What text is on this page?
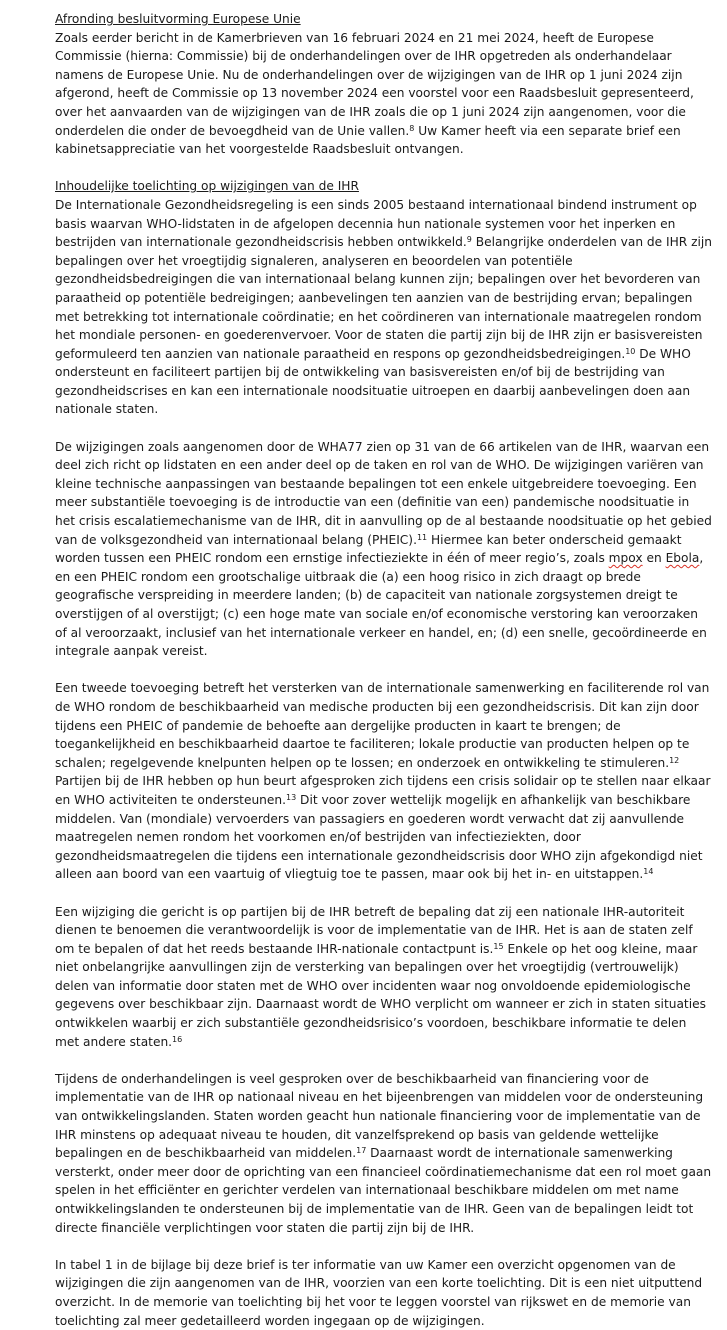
Afronding besluitvorming Europese Unie

Zoals eerder bericht in de Kamerbrieven van 16 februari 2024 en 21 mei 2024, heeft de Europese Commissie (hierna: Commissie) bij de onderhandelingen over de IHR opgetreden als onderhandelaar namens de Europese Unie. Nu de onderhandelingen over de wijzigingen van de IHR op 1 juni 2024 zijn afgerond, heeft de Commissie op 13 november 2024 een voorstel voor een Raadsbesluit gepresenteerd, over het aanvaarden van de wijzigingen van de IHR zoals die op 1 juni 2024 zijn aangenomen, voor die onderdelen die onder de bevoegdheid van de Unie vallen.$^8$ Uw Kamer heeft via een separate brief een kabinetsappreciatie van het voorgestelde Raadsbesluit ontvangen.

Inhoudelijke toelichting op wijzigingen van de IHR

De Internationale Gezondheidsregeling is een sinds 2005 bestaand internationaal bindend instrument op basis waarvan WHO-lidstaten in de afgelopen decennia hun nationale systemen voor het inperken en bestrijden van internationale gezondheidscrisis hebben ontwikkeld.$^9$ Belangrijke onderdelen van de IHR zijn bepalingen over het vroegtijdig signaleren, analyseren en beoordelen van potentiële gezondheidsbedreigingen die van internationaal belang kunnen zijn; bepalingen over het bevorderen van paraatheid op potentiële bedreigingen; aanbevelingen ten aanzien van de bestrijding ervan; bepalingen met betrekking tot internationale coördinatie; en het coördineren van internationale maatregelen rondom het mondiale personen- en goederenvervoer. Voor de staten die partij zijn bij de IHR zijn er basisvereisten geformuleerd ten aanzien van nationale paraatheid en respons op gezondheidsbedreigingen.$^{10}$ De WHO ondersteunt en faciliteert partijen bij de ontwikkeling van basisvereisten en/of bij de bestrijding van gezondheidscrises en kan een internationale noodsituatie uitroepen en daarbij aanbevelingen doen aan nationale staten.

De wijzigingen zoals aangenomen door de WHA77 zien op 31 van de 66 artikelen van de IHR, waarvan een deel zich richt op lidstaten en een ander deel op de taken en rol van de WHO. De wijzigingen variëren van kleine technische aanpassingen van bestaande bepalingen tot een enkele uitgebreidere toevoeging. Een meer substantiële toevoeging is de introductie van een (definitie van een) pandemische noodsituatie in het crisis escalatiemechanisme van de IHR, dit in aanvulling op de al bestaande noodsituatie op het gebied van de volksgezondheid van internationaal belang (PHEIC).$^{11}$ Hiermee kan beter onderscheid gemaakt worden tussen een PHEIC rondom een ernstige infectieziekte in één of meer regio’s, zoals mpox en Ebola, en een PHEIC rondom een grootschalige uitbraak die (a) een hoog risico in zich draagt op brede geografische verspreiding in meerdere landen; (b) de capaciteit van nationale zorgsystemen dreigt te overstijgen of al overstijgt; (c) een hoge mate van sociale en/of economische verstoring kan veroorzaken of al veroorzaakt, inclusief van het internationale verkeer en handel, en; (d) een snelle, gecoördineerde en integrale aanpak vereist.

Een tweede toevoeging betreft het versterken van de internationale samenwerking en faciliterende rol van de WHO rondom de beschikbaarheid van medische producten bij een gezondheidscrisis. Dit kan zijn door tijdens een PHEIC of pandemie de behoefte aan dergelijke producten in kaart te brengen; de toegankelijkheid en beschikbaarheid daartoe te faciliteren; lokale productie van producten helpen op te schalen; regelgevende knelpunten helpen op te lossen; en onderzoek en ontwikkeling te stimuleren.$^{12}$ Partijen bij de IHR hebben op hun beurt afgesproken zich tijdens een crisis solidair op te stellen naar elkaar en WHO activiteiten te ondersteunen.$^{13}$ Dit voor zover wettelijk mogelijk en afhankelijk van beschikbare middelen. Van (mondiale) vervoerders van passagiers en goederen wordt verwacht dat zij aanvullende maatregelen nemen rondom het voorkomen en/of bestrijden van infectieziekten, door gezondheidsmaatregelen die tijdens een internationale gezondheidscrisis door WHO zijn afgekondigd niet alleen aan boord van een vaartuig of vliegtuig toe te passen, maar ook bij het in- en uitstappen.$^{14}$

Een wijziging die gericht is op partijen bij de IHR betreft de bepaling dat zij een nationale IHR-autoriteit dienen te benoemen die verantwoordelijk is voor de implementatie van de IHR. Het is aan de staten zelf om te bepalen of dat het reeds bestaande IHR-nationale contactpunt is.$^{15}$ Enkele op het oog kleine, maar niet onbelangrijke aanvullingen zijn de versterking van bepalingen over het vroegtijdig (vertrouwelijk) delen van informatie door staten met de WHO over incidenten waar nog onvoldoende epidemiologische gegevens over beschikbaar zijn. Daarnaast wordt de WHO verplicht om wanneer er zich in staten situaties ontwikkelen waarbij er zich substantiële gezondheidsrisico’s voordoen, beschikbare informatie te delen met andere staten.$^{16}$

Tijdens de onderhandelingen is veel gesproken over de beschikbaarheid van financiering voor de implementatie van de IHR op nationaal niveau en het bijeenbrengen van middelen voor de ondersteuning van ontwikkelingslanden. Staten worden geacht hun nationale financiering voor de implementatie van de IHR minstens op adequaat niveau te houden, dit vanzelfsprekend op basis van geldende wettelijke bepalingen en de beschikbaarheid van middelen.$^{17}$ Daarnaast wordt de internationale samenwerking versterkt, onder meer door de oprichting van een financieel coördinatiemechanisme dat een rol moet gaan spelen in het efficiënter en gerichter verdelen van internationaal beschikbare middelen om met name ontwikkelingslanden te ondersteunen bij de implementatie van de IHR. Geen van de bepalingen leidt tot directe financiële verplichtingen voor staten die partij zijn bij de IHR.

In tabel 1 in de bijlage bij deze brief is ter informatie van uw Kamer een overzicht opgenomen van de wijzigingen die zijn aangenomen van de IHR, voorzien van een korte toelichting. Dit is een niet uitputtend overzicht. In de memorie van toelichting bij het voor te leggen voorstel van rijkswet en de memorie van toelichting zal meer gedetailleerd worden ingegaan op de wijzigingen.
